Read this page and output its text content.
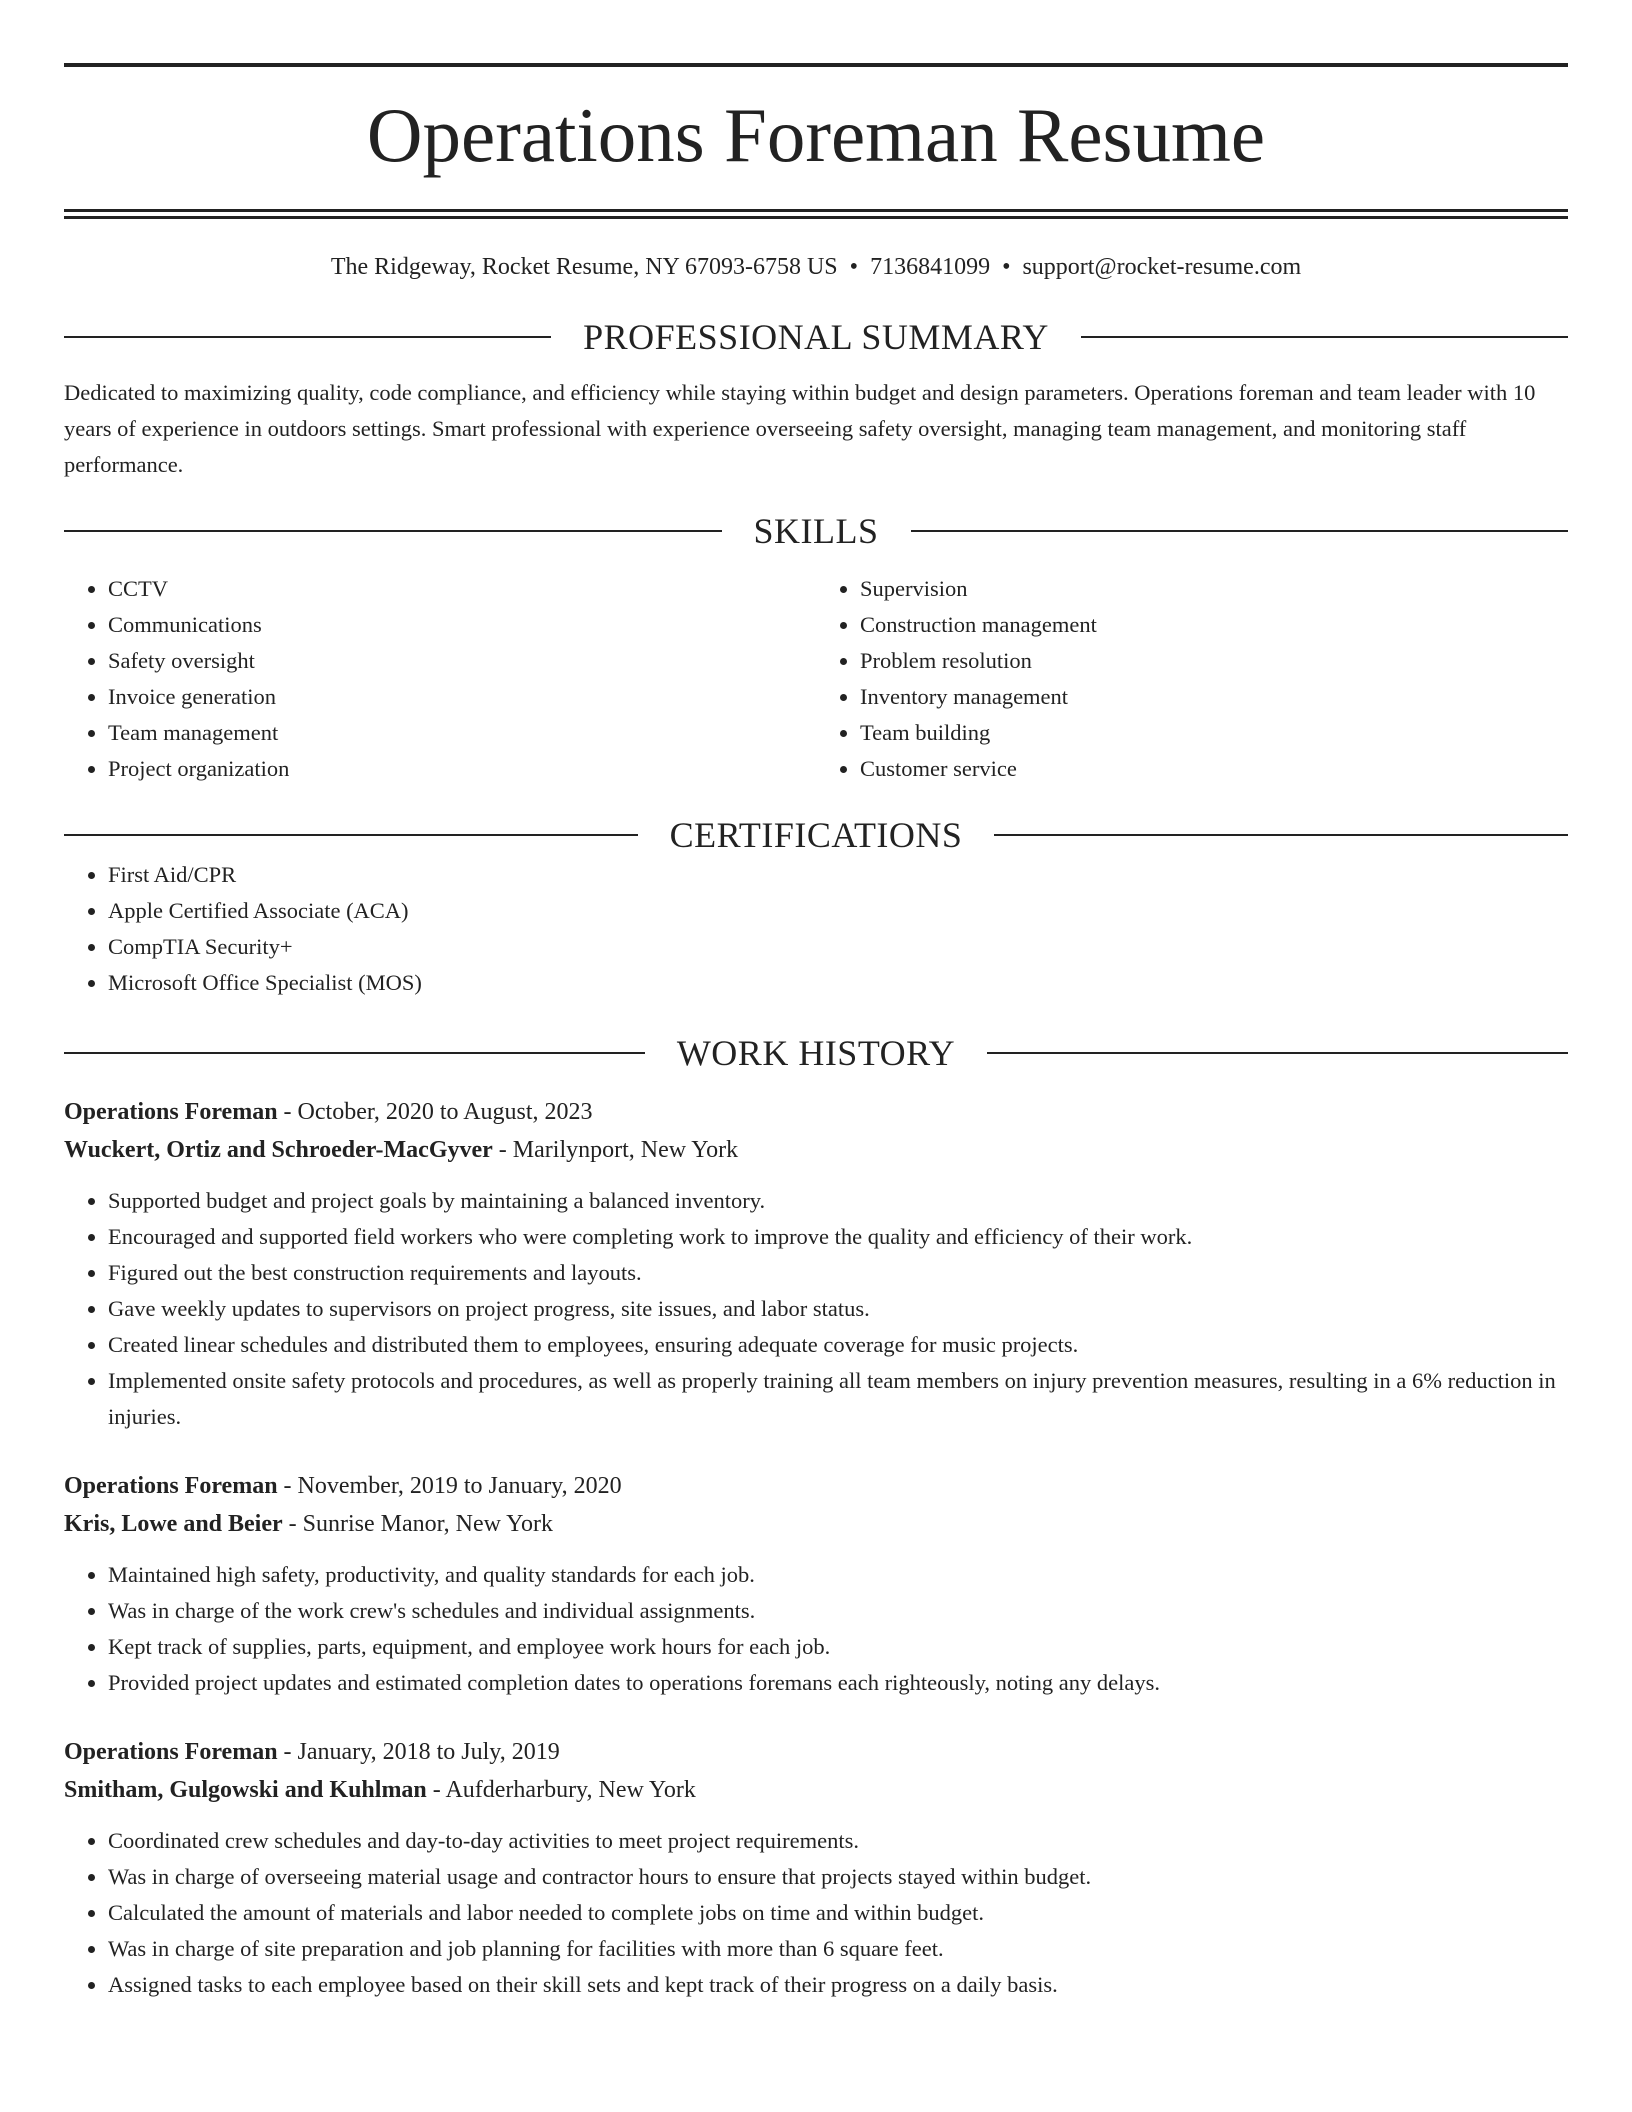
Operations Foreman Resume
The Ridgeway, Rocket Resume, NY 67093-6758 US • 7136841099 • support@rocket-resume.com
PROFESSIONAL SUMMARY

Dedicated to maximizing quality, code compliance, and efficiency while staying within budget and design parameters. Operations foreman and team leader with 10 years of experience in outdoors settings. Smart professional with experience overseeing safety oversight, managing team management, and monitoring staff performance.

SKILLS
• CCTV
• Communications
• Safety oversight
• Invoice generation
• Team management
• Project organization
• Supervision
• Construction management
• Problem resolution
• Inventory management
• Team building
• Customer service
CERTIFICATIONS
• First Aid/CPR
• Apple Certified Associate (ACA)
• CompTIA Security+
• Microsoft Office Specialist (MOS)
WORK HISTORY
Operations Foreman - October, 2020 to August, 2023
Wuckert, Ortiz and Schroeder-MacGyver - Marilynport, New York
• Supported budget and project goals by maintaining a balanced inventory.
• Encouraged and supported field workers who were completing work to improve the quality and efficiency of their work.
• Figured out the best construction requirements and layouts.
• Gave weekly updates to supervisors on project progress, site issues, and labor status.
• Created linear schedules and distributed them to employees, ensuring adequate coverage for music projects.
• Implemented onsite safety protocols and procedures, as well as properly training all team members on injury prevention measures, resulting in a 6% reduction in injuries.
Operations Foreman - November, 2019 to January, 2020
Kris, Lowe and Beier - Sunrise Manor, New York
• Maintained high safety, productivity, and quality standards for each job.
• Was in charge of the work crew's schedules and individual assignments.
• Kept track of supplies, parts, equipment, and employee work hours for each job.
• Provided project updates and estimated completion dates to operations foremans each righteously, noting any delays.
Operations Foreman - January, 2018 to July, 2019
Smitham, Gulgowski and Kuhlman - Aufderharbury, New York
• Coordinated crew schedules and day-to-day activities to meet project requirements.
• Was in charge of overseeing material usage and contractor hours to ensure that projects stayed within budget.
• Calculated the amount of materials and labor needed to complete jobs on time and within budget.
• Was in charge of site preparation and job planning for facilities with more than 6 square feet.
• Assigned tasks to each employee based on their skill sets and kept track of their progress on a daily basis.
